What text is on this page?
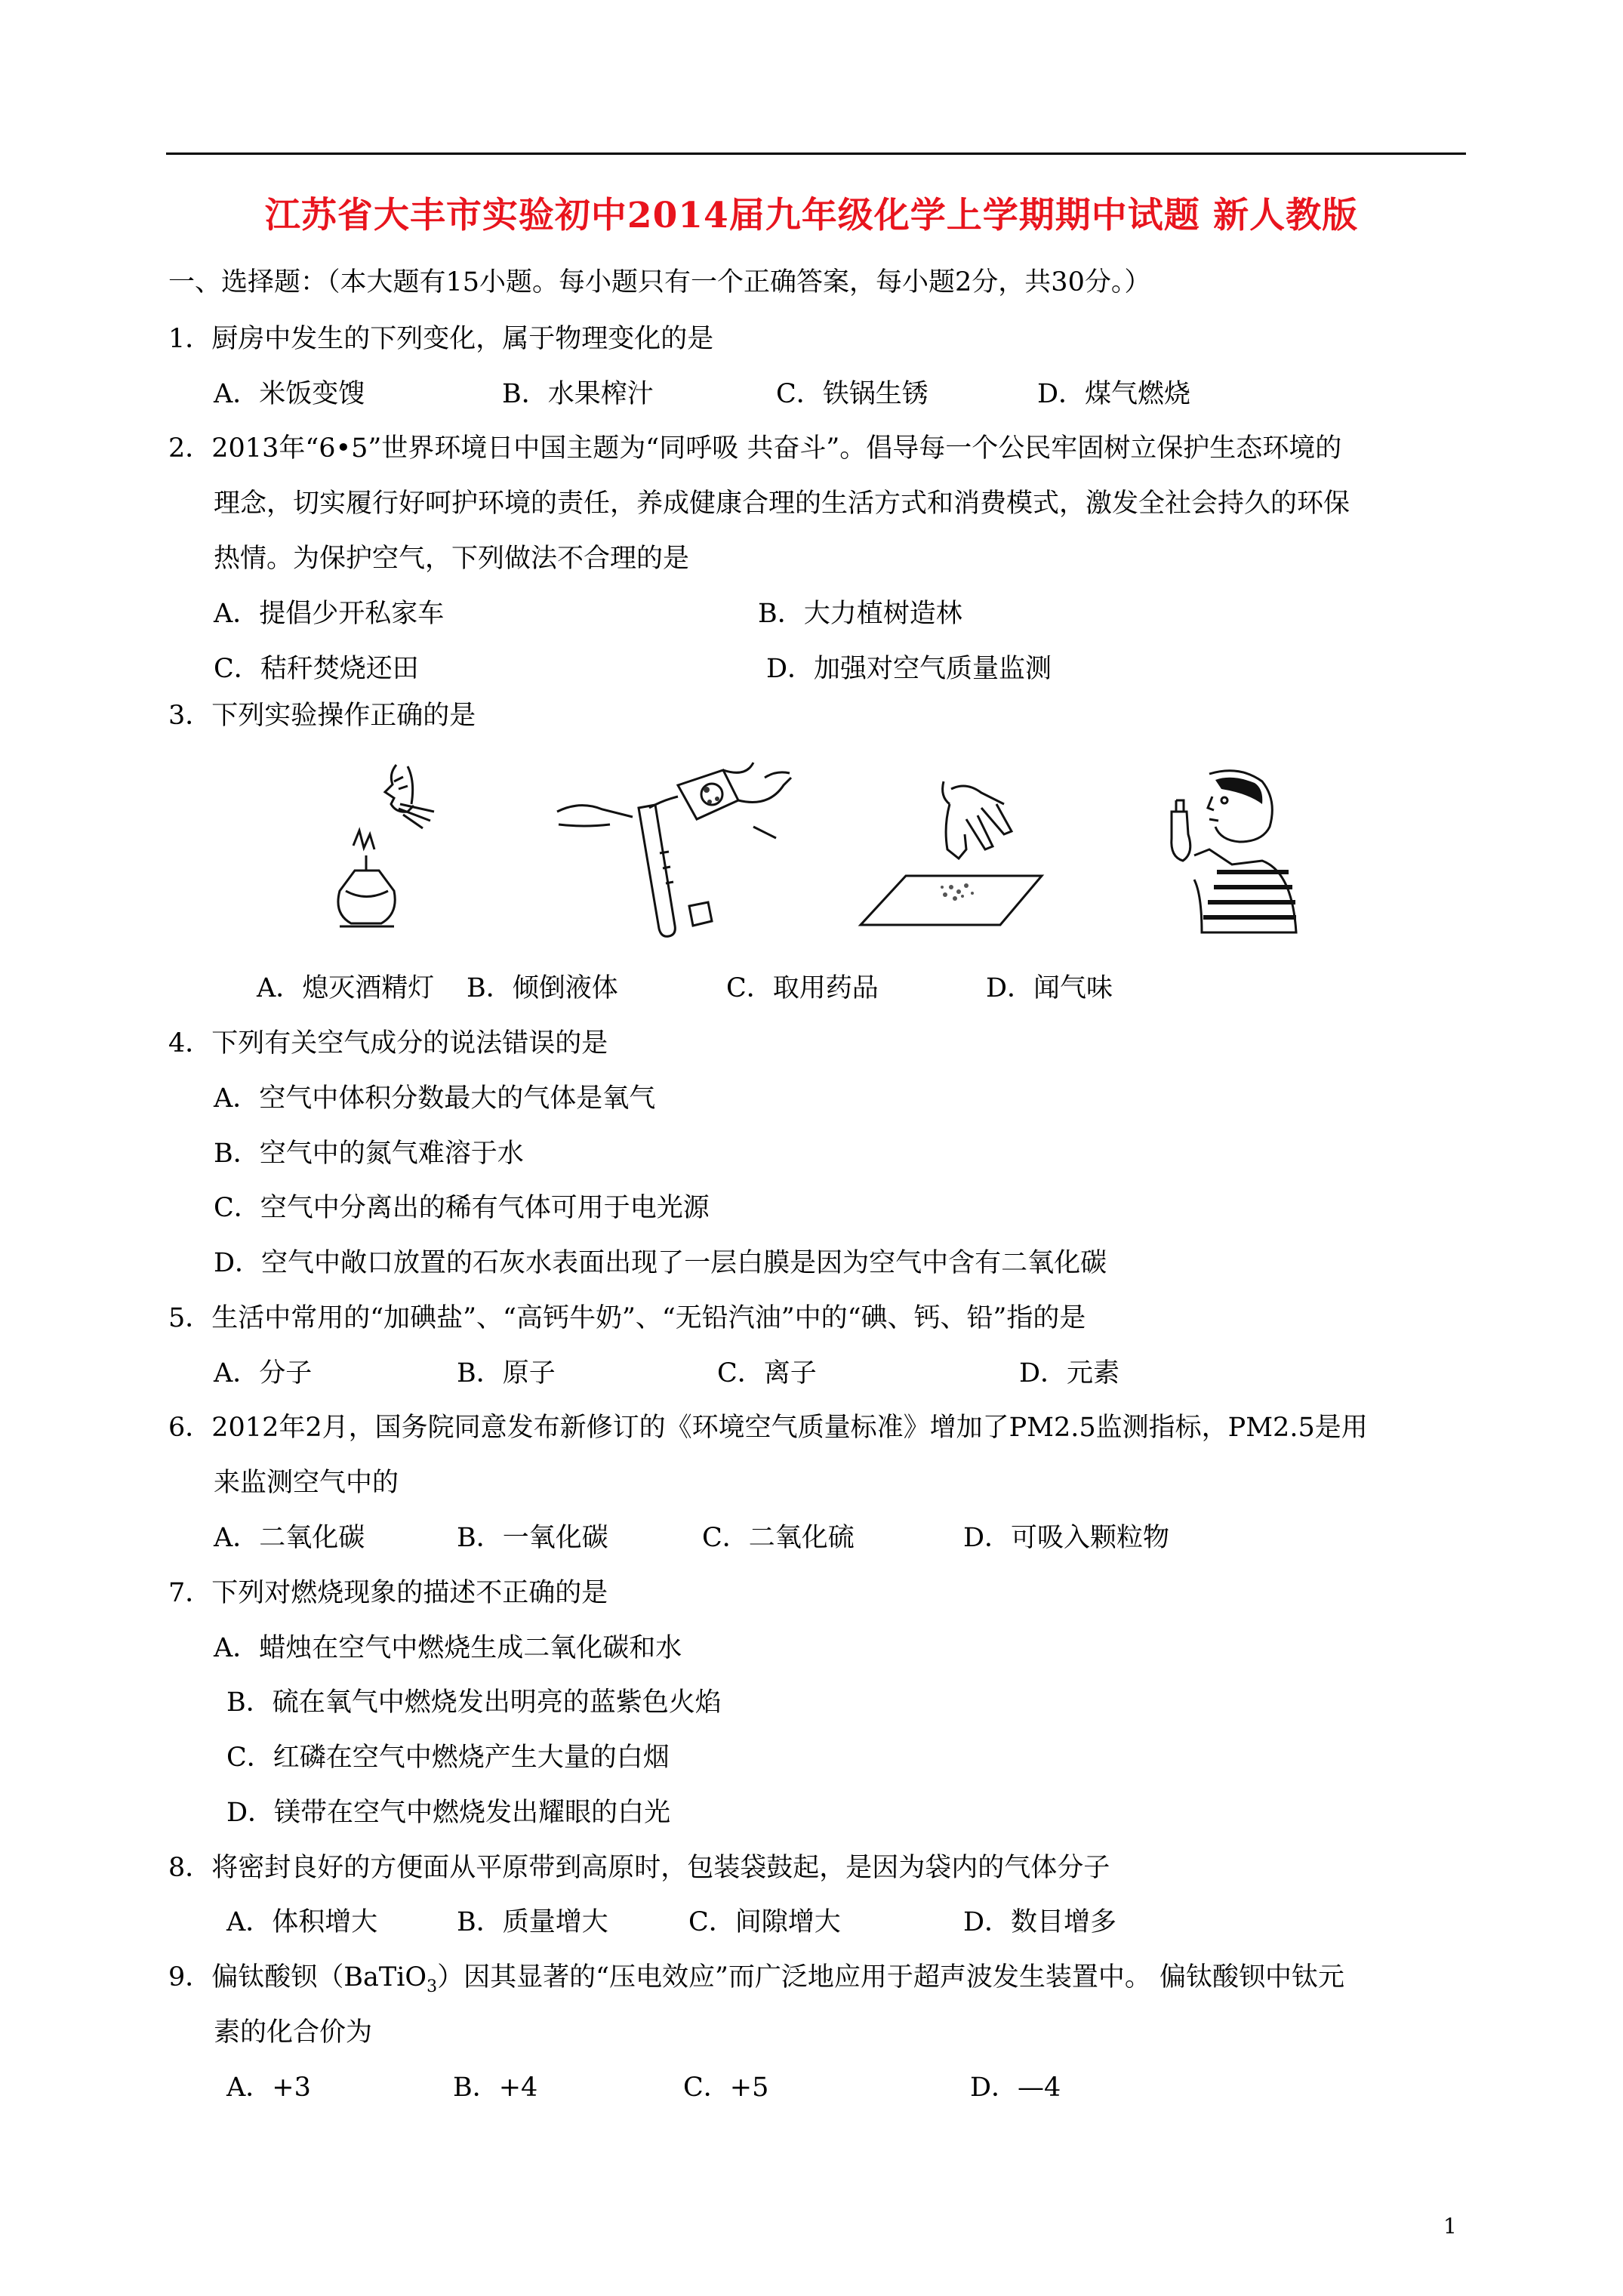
江苏省大丰市实验初中2014届九年级化学上学期期中试题 新人教版
一、选择题：（本大题有15小题。每小题只有一个正确答案，每小题2分，共30分。）
1．厨房中发生的下列变化，属于物理变化的是
A．米饭变馊	B．水果榨汁	C．铁锅生锈	D．煤气燃烧
2．2013年“6•5”世界环境日中国主题为“同呼吸 共奋斗”。倡导每一个公民牢固树立保护生态环境的
理念，切实履行好呵护环境的责任，养成健康合理的生活方式和消费模式，激发全社会持久的环保
热情。为保护空气，下列做法不合理的是
A．提倡少开私家车	B．大力植树造林
C．秸秆焚烧还田	D．加强对空气质量监测
3．下列实验操作正确的是
A．熄灭酒精灯 B．倾倒液体	C．取用药品	D．闻气味
4．下列有关空气成分的说法错误的是
A．空气中体积分数最大的气体是氧气
B．空气中的氮气难溶于水
C．空气中分离出的稀有气体可用于电光源
D．空气中敞口放置的石灰水表面出现了一层白膜是因为空气中含有二氧化碳
5．生活中常用的“加碘盐”、“高钙牛奶”、“无铅汽油”中的“碘、钙、铅”指的是
A．分子	B．原子	C．离子	D．元素
6．2012年2月，国务院同意发布新修订的《环境空气质量标准》增加了PM2.5监测指标，PM2.5是用
来监测空气中的
A．二氧化碳	B．一氧化碳	C．二氧化硫	D．可吸入颗粒物
7．下列对燃烧现象的描述不正确的是
A．蜡烛在空气中燃烧生成二氧化碳和水
B．硫在氧气中燃烧发出明亮的蓝紫色火焰
C．红磷在空气中燃烧产生大量的白烟
D．镁带在空气中燃烧发出耀眼的白光
8．将密封良好的方便面从平原带到高原时，包装袋鼓起，是因为袋内的气体分子
A．体积增大	B．质量增大	C．间隙增大	D．数目增多
9．偏钛酸钡（BaTiO$_3$）因其显著的“压电效应”而广泛地应用于超声波发生装置中。 偏钛酸钡中钛元
素的化合价为
A．+3	B．+4	C．+5	D．—4
1
